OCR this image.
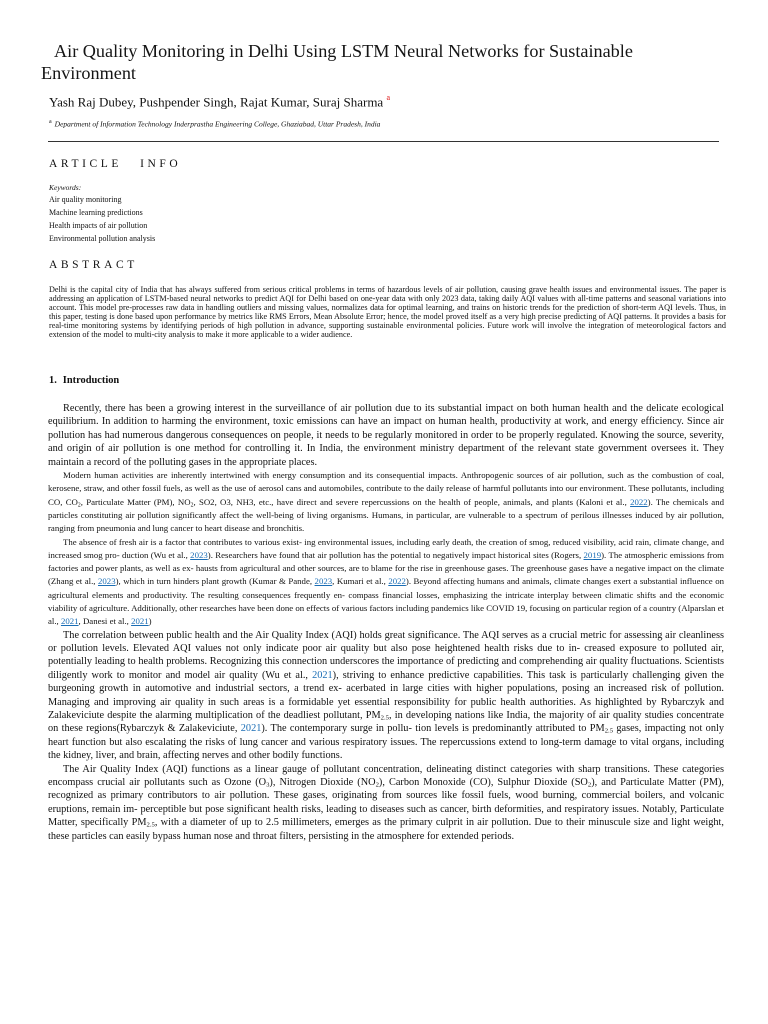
Air Quality Monitoring in Delhi Using LSTM Neural Networks for Sustainable Environment
Yash Raj Dubey, Pushpender Singh, Rajat Kumar, Suraj Sharma $^a$
$^a$ Department of Information Technology Inderprastha Engineering College, Ghaziabad, Uttar Pradesh, India
ARTICLE INFO
Keywords:
Air quality monitoring
Machine learning predictions
Health impacts of air pollution
Environmental pollution analysis
ABSTRACT

Delhi is the capital city of India that has always suffered from serious critical problems in terms of hazardous levels of air pollution, causing grave health issues and environmental issues. The paper is addressing an application of LSTM-based neural networks to predict AQI for Delhi based on one-year data with only 2023 data, taking daily AQI values with all-time patterns and seasonal variations into account. This model pre-processes raw data in handling outliers and missing values, normalizes data for optimal learning, and trains on historic trends for the prediction of short-term AQI levels. Thus, in this paper, testing is done based upon performance by metrics like RMS Errors, Mean Absolute Error; hence, the model proved itself as a very high precise predicting of AQI patterns. It provides a basis for real-time monitoring systems by identifying periods of high pollution in advance, supporting sustainable environmental policies. Future work will involve the integration of meteorological factors and extension of the model to multi-city analysis to make it more applicable to a wider audience.

1. Introduction

Recently, there has been a growing interest in the surveillance of air pollution due to its substantial impact on both human health and the delicate ecological equilibrium. In addition to harming the environment, toxic emissions can have an impact on human health, productivity at work, and energy efficiency. Since air pollution has had numerous dangerous consequences on people, it needs to be regularly monitored in order to be properly regulated. Knowing the source, severity, and origin of air pollution is one method for controlling it. In India, the environment ministry department of the relevant state government oversees it. They maintain a record of the polluting gases in the appropriate places.

Modern human activities are inherently intertwined with energy consumption and its consequential impacts. Anthropogenic sources of air pollution, such as the combustion of coal, kerosene, straw, and other fossil fuels, as well as the use of aerosol cans and automobiles, contribute to the daily release of harmful pollutants into our environment. These pollutants, including CO, $CO_2$, Particulate Matter (PM), $NO_2$, SO2, O3, NH3, etc., have direct and severe repercussions on the health of people, animals, and plants (Kaloni et al., 2022). The chemicals and particles constituting air pollution significantly affect the well-being of living organisms. Humans, in particular, are vulnerable to a spectrum of perilous illnesses induced by air pollution, ranging from pneumonia and lung cancer to heart disease and bronchitis.

The absence of fresh air is a factor that contributes to various exist- ing environmental issues, including early death, the creation of smog, reduced visibility, acid rain, climate change, and increased smog pro- duction (Wu et al., 2023). Researchers have found that air pollution has the potential to negatively impact historical sites (Rogers, 2019). The atmospheric emissions from factories and power plants, as well as ex- hausts from agricultural and other sources, are to blame for the rise in greenhouse gases. The greenhouse gases have a negative impact on the climate (Zhang et al., 2023), which in turn hinders plant growth (Kumar & Pande, 2023, Kumari et al., 2022). Beyond affecting humans and animals, climate changes exert a substantial influence on agricultural elements and productivity. The resulting consequences frequently en- compass financial losses, emphasizing the intricate interplay between climatic shifts and the economic viability of agriculture. Additionally, other researches have been done on effects of various factors including pandemics like COVID 19, focusing on particular region of a country (Alparslan et al., 2021, Danesi et al., 2021)

The correlation between public health and the Air Quality Index (AQI) holds great significance. The AQI serves as a crucial metric for assessing air cleanliness or pollution levels. Elevated AQI values not only indicate poor air quality but also pose heightened health risks due to in- creased exposure to polluted air, potentially leading to health problems. Recognizing this connection underscores the importance of predicting and comprehending air quality fluctuations. Scientists diligently work to monitor and model air quality (Wu et al., 2021), striving to enhance predictive capabilities. This task is particularly challenging given the burgeoning growth in automotive and industrial sectors, a trend ex- acerbated in large cities with higher populations, posing an increased risk of pollution. Managing and improving air quality in such areas is a formidable yet essential responsibility for public health authorities. As highlighted by Rybarczyk and Zalakeviciute despite the alarming multiplication of the deadliest pollutant, $PM_{2.5}$, in developing nations like India, the majority of air quality studies concentrate on these regions(Rybarczyk & Zalakeviciute, 2021). The contemporary surge in pollu- tion levels is predominantly attributed to $PM_{2.5}$ gases, impacting not only heart function but also escalating the risks of lung cancer and various respiratory issues. The repercussions extend to long-term damage to vital organs, including the kidney, liver, and brain, affecting nerves and other bodily functions.

The Air Quality Index (AQI) functions as a linear gauge of pollutant concentration, delineating distinct categories with sharp transitions. These categories encompass crucial air pollutants such as Ozone $(O_3)$, Nitrogen Dioxide $(NO_2)$, Carbon Monoxide (CO), Sulphur Dioxide $(SO_2)$, and Particulate Matter (PM), recognized as primary contributors to air pollution. These gases, originating from sources like fossil fuels, wood burning, commercial boilers, and volcanic eruptions, remain im- perceptible but pose significant health risks, leading to diseases such as cancer, birth deformities, and respiratory issues. Notably, Particulate Matter, specifically $PM_{2.5}$, with a diameter of up to 2.5 millimeters, emerges as the primary culprit in air pollution. Due to their minuscule size and light weight, these particles can easily bypass human nose and throat filters, persisting in the atmosphere for extended periods.
